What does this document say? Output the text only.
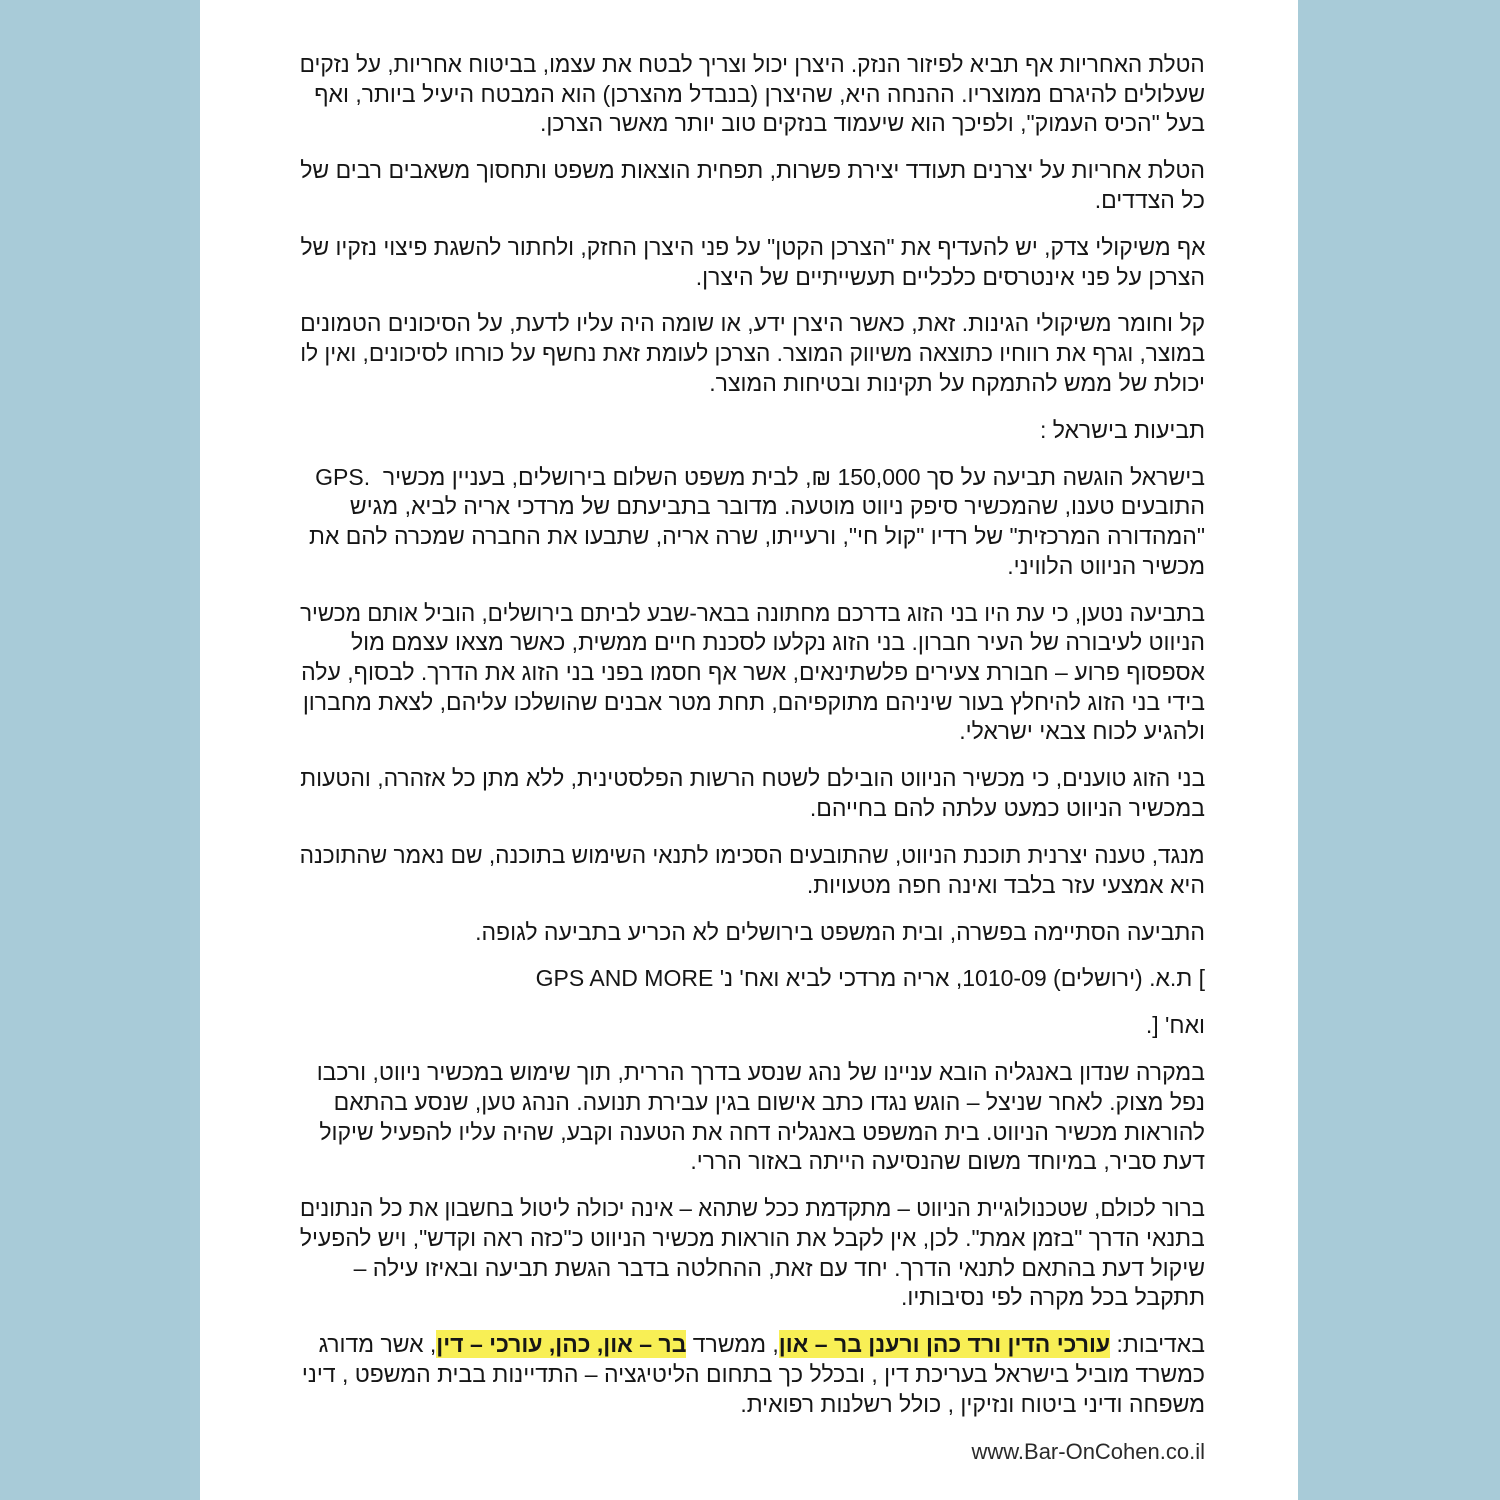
הטלת האחריות אף תביא לפיזור הנזק. היצרן יכול וצריך לבטח את עצמו, בביטוח אחריות, על נזקים
שעלולים להיגרם ממוצריו. ההנחה היא, שהיצרן (בנבדל מהצרכן) הוא המבטח היעיל ביותר, ואף
בעל "הכיס העמוק", ולפיכך הוא שיעמוד בנזקים טוב יותר מאשר הצרכן.
הטלת אחריות על יצרנים תעודד יצירת פשרות, תפחית הוצאות משפט ותחסוך משאבים רבים של
כל הצדדים.
אף משיקולי צדק, יש להעדיף את "הצרכן הקטן" על פני היצרן החזק, ולחתור להשגת פיצוי נזקיו של
הצרכן על פני אינטרסים כלכליים תעשייתיים של היצרן.
קל וחומר משיקולי הגינות. זאת, כאשר היצרן ידע, או שומה היה עליו לדעת, על הסיכונים הטמונים
במוצר, וגרף את רווחיו כתוצאה משיווק המוצר. הצרכן לעומת זאת נחשף על כורחו לסיכונים, ואין לו
יכולת של ממש להתמקח על תקינות ובטיחות המוצר.
תביעות בישראל :
בישראל הוגשה תביעה על סך 150,000 ₪, לבית משפט השלום בירושלים, בעניין מכשיר  .GPS
התובעים טענו, שהמכשיר סיפק ניווט מוטעה. מדובר בתביעתם של מרדכי אריה לביא, מגיש
"המהדורה המרכזית" של רדיו "קול חי", ורעייתו, שרה אריה, שתבעו את החברה שמכרה להם את
מכשיר הניווט הלוויני.
בתביעה נטען, כי עת היו בני הזוג בדרכם מחתונה בבאר-שבע לביתם בירושלים, הוביל אותם מכשיר
הניווט לעיבורה של העיר חברון. בני הזוג נקלעו לסכנת חיים ממשית, כאשר מצאו עצמם מול
אספסוף פרוע – חבורת צעירים פלשתינאים, אשר אף חסמו בפני בני הזוג את הדרך. לבסוף, עלה
בידי בני הזוג להיחלץ בעור שיניהם מתוקפיהם, תחת מטר אבנים שהושלכו עליהם, לצאת מחברון
ולהגיע לכוח צבאי ישראלי.
בני הזוג טוענים, כי מכשיר הניווט הובילם לשטח הרשות הפלסטינית, ללא מתן כל אזהרה, והטעות
במכשיר הניווט כמעט עלתה להם בחייהם.
מנגד, טענה יצרנית תוכנת הניווט, שהתובעים הסכימו לתנאי השימוש בתוכנה, שם נאמר שהתוכנה
היא אמצעי עזר בלבד ואינה חפה מטעויות.
התביעה הסתיימה בפשרה, ובית המשפט בירושלים לא הכריע בתביעה לגופה.
] ת.א. (ירושלים) 1010-09, אריה מרדכי לביא ואח' נ' GPS AND MORE
ואח' [.
במקרה שנדון באנגליה הובא עניינו של נהג שנסע בדרך הררית, תוך שימוש במכשיר ניווט, ורכבו
נפל מצוק. לאחר שניצל – הוגש נגדו כתב אישום בגין עבירת תנועה. הנהג טען, שנסע בהתאם
להוראות מכשיר הניווט. בית המשפט באנגליה דחה את הטענה וקבע, שהיה עליו להפעיל שיקול
דעת סביר, במיוחד משום שהנסיעה הייתה באזור הררי.
ברור לכולם, שטכנולוגיית הניווט – מתקדמת ככל שתהא – אינה יכולה ליטול בחשבון את כל הנתונים
בתנאי הדרך "בזמן אמת". לכן, אין לקבל את הוראות מכשיר הניווט כ"כזה ראה וקדש", ויש להפעיל
שיקול דעת בהתאם לתנאי הדרך. יחד עם זאת, ההחלטה בדבר הגשת תביעה ובאיזו עילה –
תתקבל בכל מקרה לפי נסיבותיו.
באדיבות: עורכי הדין ורד כהן ורענן בר – און, ממשרד בר – און, כהן, עורכי – דין, אשר מדורג
כמשרד מוביל בישראל בעריכת דין , ובכלל כך בתחום הליטיגציה – התדיינות בבית המשפט , דיני
משפחה ודיני ביטוח ונזיקין , כולל רשלנות רפואית.
www.Bar-OnCohen.co.il
